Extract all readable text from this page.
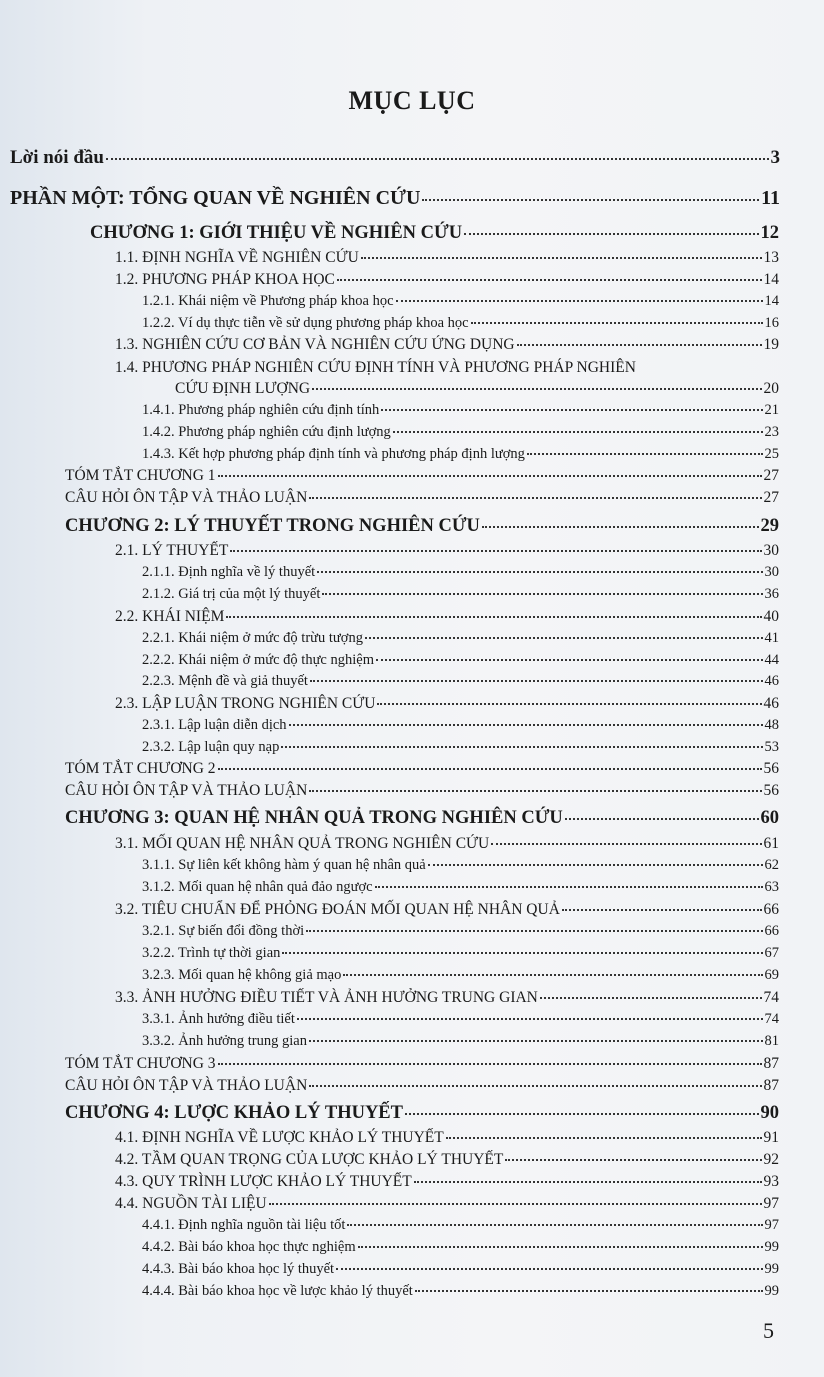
MỤC LỤC
Lời nói đầu	3
PHẦN MỘT: TỔNG QUAN VỀ NGHIÊN CỨU	11
CHƯƠNG 1: GIỚI THIỆU VỀ NGHIÊN CỨU	12
1.1. ĐỊNH NGHĨA VỀ NGHIÊN CỨU	13
1.2. PHƯƠNG PHÁP KHOA HỌC	14
1.2.1. Khái niệm về Phương pháp khoa học	14
1.2.2. Ví dụ thực tiễn về sử dụng phương pháp khoa học	16
1.3. NGHIÊN CỨU CƠ BẢN VÀ NGHIÊN CỨU ỨNG DỤNG	19
1.4. PHƯƠNG PHÁP NGHIÊN CỨU ĐỊNH TÍNH VÀ PHƯƠNG PHÁP NGHIÊN
CỨU ĐỊNH LƯỢNG	20
1.4.1. Phương pháp nghiên cứu định tính	21
1.4.2. Phương pháp nghiên cứu định lượng	23
1.4.3. Kết hợp phương pháp định tính và phương pháp định lượng	25
TÓM TẮT CHƯƠNG 1	27
CÂU HỎI ÔN TẬP VÀ THẢO LUẬN	27
CHƯƠNG 2: LÝ THUYẾT TRONG NGHIÊN CỨU	29
2.1. LÝ THUYẾT	30
2.1.1. Định nghĩa về lý thuyết	30
2.1.2. Giá trị của một lý thuyết	36
2.2. KHÁI NIỆM	40
2.2.1. Khái niệm ở mức độ trừu tượng	41
2.2.2. Khái niệm ở mức độ thực nghiệm	44
2.2.3. Mệnh đề và giả thuyết	46
2.3. LẬP LUẬN TRONG NGHIÊN CỨU	46
2.3.1. Lập luận diễn dịch	48
2.3.2. Lập luận quy nạp	53
TÓM TẮT CHƯƠNG 2	56
CÂU HỎI ÔN TẬP VÀ THẢO LUẬN	56
CHƯƠNG 3: QUAN HỆ NHÂN QUẢ TRONG NGHIÊN CỨU	60
3.1. MỐI QUAN HỆ NHÂN QUẢ TRONG NGHIÊN CỨU	61
3.1.1. Sự liên kết không hàm ý quan hệ nhân quả	62
3.1.2. Mối quan hệ nhân quả đảo ngược	63
3.2. TIÊU CHUẨN ĐỂ PHỎNG ĐOÁN MỐI QUAN HỆ NHÂN QUẢ	66
3.2.1. Sự biến đổi đồng thời	66
3.2.2. Trình tự thời gian	67
3.2.3. Mối quan hệ không giả mạo	69
3.3. ẢNH HƯỞNG ĐIỀU TIẾT VÀ ẢNH HƯỞNG TRUNG GIAN	74
3.3.1. Ảnh hưởng điều tiết	74
3.3.2. Ảnh hưởng trung gian	81
TÓM TẮT CHƯƠNG 3	87
CÂU HỎI ÔN TẬP VÀ THẢO LUẬN	87
CHƯƠNG 4: LƯỢC KHẢO LÝ THUYẾT	90
4.1. ĐỊNH NGHĨA VỀ LƯỢC KHẢO LÝ THUYẾT	91
4.2. TẦM QUAN TRỌNG CỦA LƯỢC KHẢO LÝ THUYẾT	92
4.3. QUY TRÌNH LƯỢC KHẢO LÝ THUYẾT	93
4.4. NGUỒN TÀI LIỆU	97
4.4.1. Định nghĩa nguồn tài liệu tốt	97
4.4.2. Bài báo khoa học thực nghiệm	99
4.4.3. Bài báo khoa học lý thuyết	99
4.4.4. Bài báo khoa học về lược khảo lý thuyết	99
5
